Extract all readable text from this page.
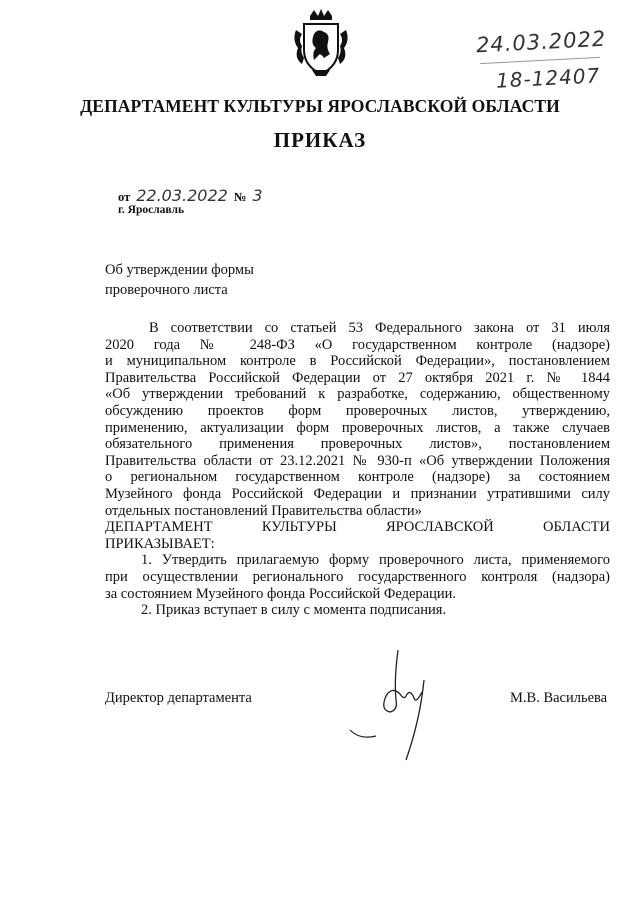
24.03.2022
18-12407
ДЕПАРТАМЕНТ КУЛЬТУРЫ ЯРОСЛАВСКОЙ ОБЛАСТИ
ПРИКАЗ
от 22.03.2022 № 3
г. Ярославль
Об утверждении формы
проверочного листа
В соответствии со статьей 53 Федерального закона от 31 июля
2020 года № 248-ФЗ «О государственном контроле (надзоре)
и муниципальном контроле в Российской Федерации», постановлением
Правительства Российской Федерации от 27 октября 2021 г. № 1844
«Об утверждении требований к разработке, содержанию, общественному
обсуждению проектов форм проверочных листов, утверждению,
применению, актуализации форм проверочных листов, а также случаев
обязательного применения проверочных листов», постановлением
Правительства области от 23.12.2021 № 930-п «Об утверждении Положения
о региональном государственном контроле (надзоре) за состоянием
Музейного фонда Российской Федерации и признании утратившими силу
отдельных постановлений Правительства области»
ДЕПАРТАМЕНТ КУЛЬТУРЫ ЯРОСЛАВСКОЙ ОБЛАСТИ
ПРИКАЗЫВАЕТ:
1. Утвердить прилагаемую форму проверочного листа, применяемого
при осуществлении регионального государственного контроля (надзора)
за состоянием Музейного фонда Российской Федерации.
2. Приказ вступает в силу с момента подписания.
Директор департамента	М.В. Васильева
